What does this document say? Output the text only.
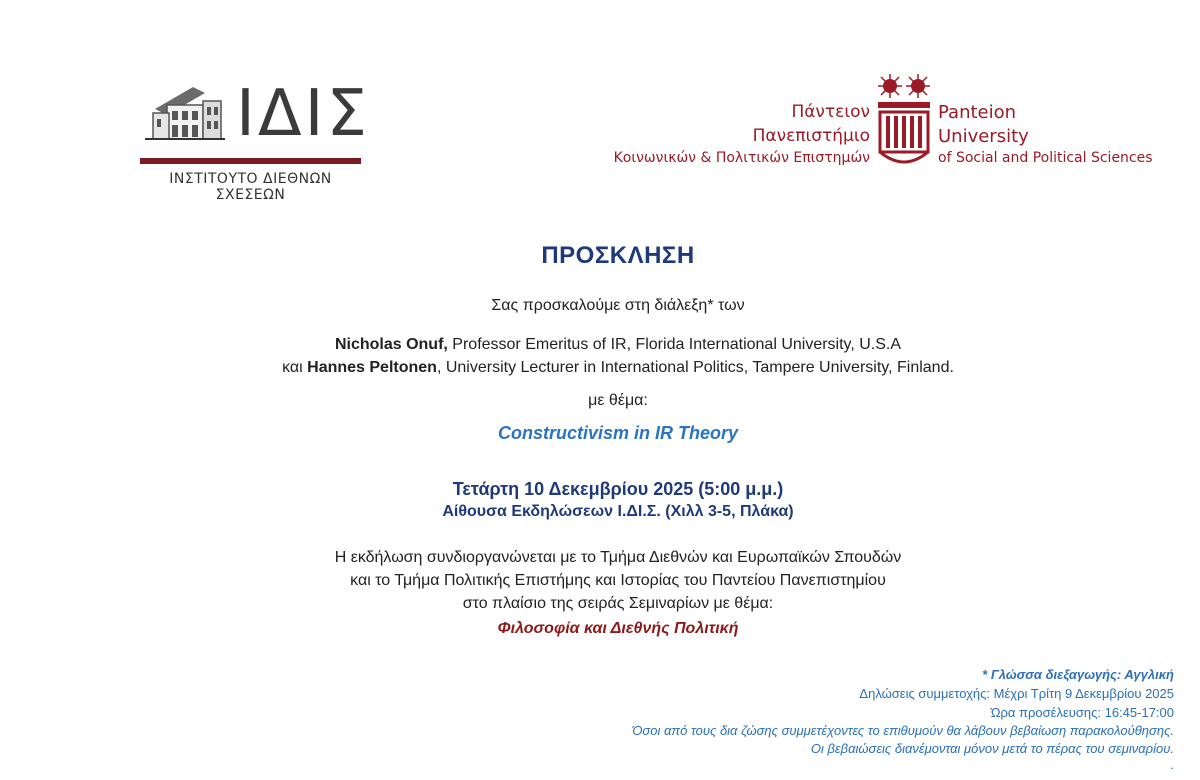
ΙΔΙΣ
ΙΝΣΤΙΤΟΥΤΟ ΔΙΕΘΝΩΝ ΣΧΕΣΕΩΝ
Πάντειον
Πανεπιστήμιο
Κοινωνικών & Πολιτικών Επιστημών
Panteion
University
of Social and Political Sciences
ΠΡΟΣΚΛΗΣΗ
Σας προσκαλούμε στη διάλεξη* των
Nicholas Onuf, Professor Emeritus of IR, Florida International University, U.S.A
και Hannes Peltonen, University Lecturer in International Politics, Tampere University, Finland.
με θέμα:
Constructivism in IR Theory
Τετάρτη 10 Δεκεμβρίου 2025 (5:00 μ.μ.)
Αίθουσα Εκδηλώσεων Ι.ΔΙ.Σ. (Χιλλ 3-5, Πλάκα)
Η εκδήλωση συνδιοργανώνεται με το Τμήμα Διεθνών και Ευρωπαϊκών Σπουδών
και το Τμήμα Πολιτικής Επιστήμης και Ιστορίας του Παντείου Πανεπιστημίου
στο πλαίσιο της σειράς Σεμιναρίων με θέμα:
Φιλοσοφία και Διεθνής Πολιτική
* Γλώσσα διεξαγωγής: Αγγλική
Δηλώσεις συμμετοχής: Μέχρι Τρίτη 9 Δεκεμβρίου 2025
Ώρα προσέλευσης: 16:45-17:00
Όσοι από τους δια ζώσης συμμετέχοντες το επιθυμούν θα λάβουν βεβαίωση παρακολούθησης.
Οι βεβαιώσεις διανέμονται μόνον μετά το πέρας του σεμιναρίου.
.
